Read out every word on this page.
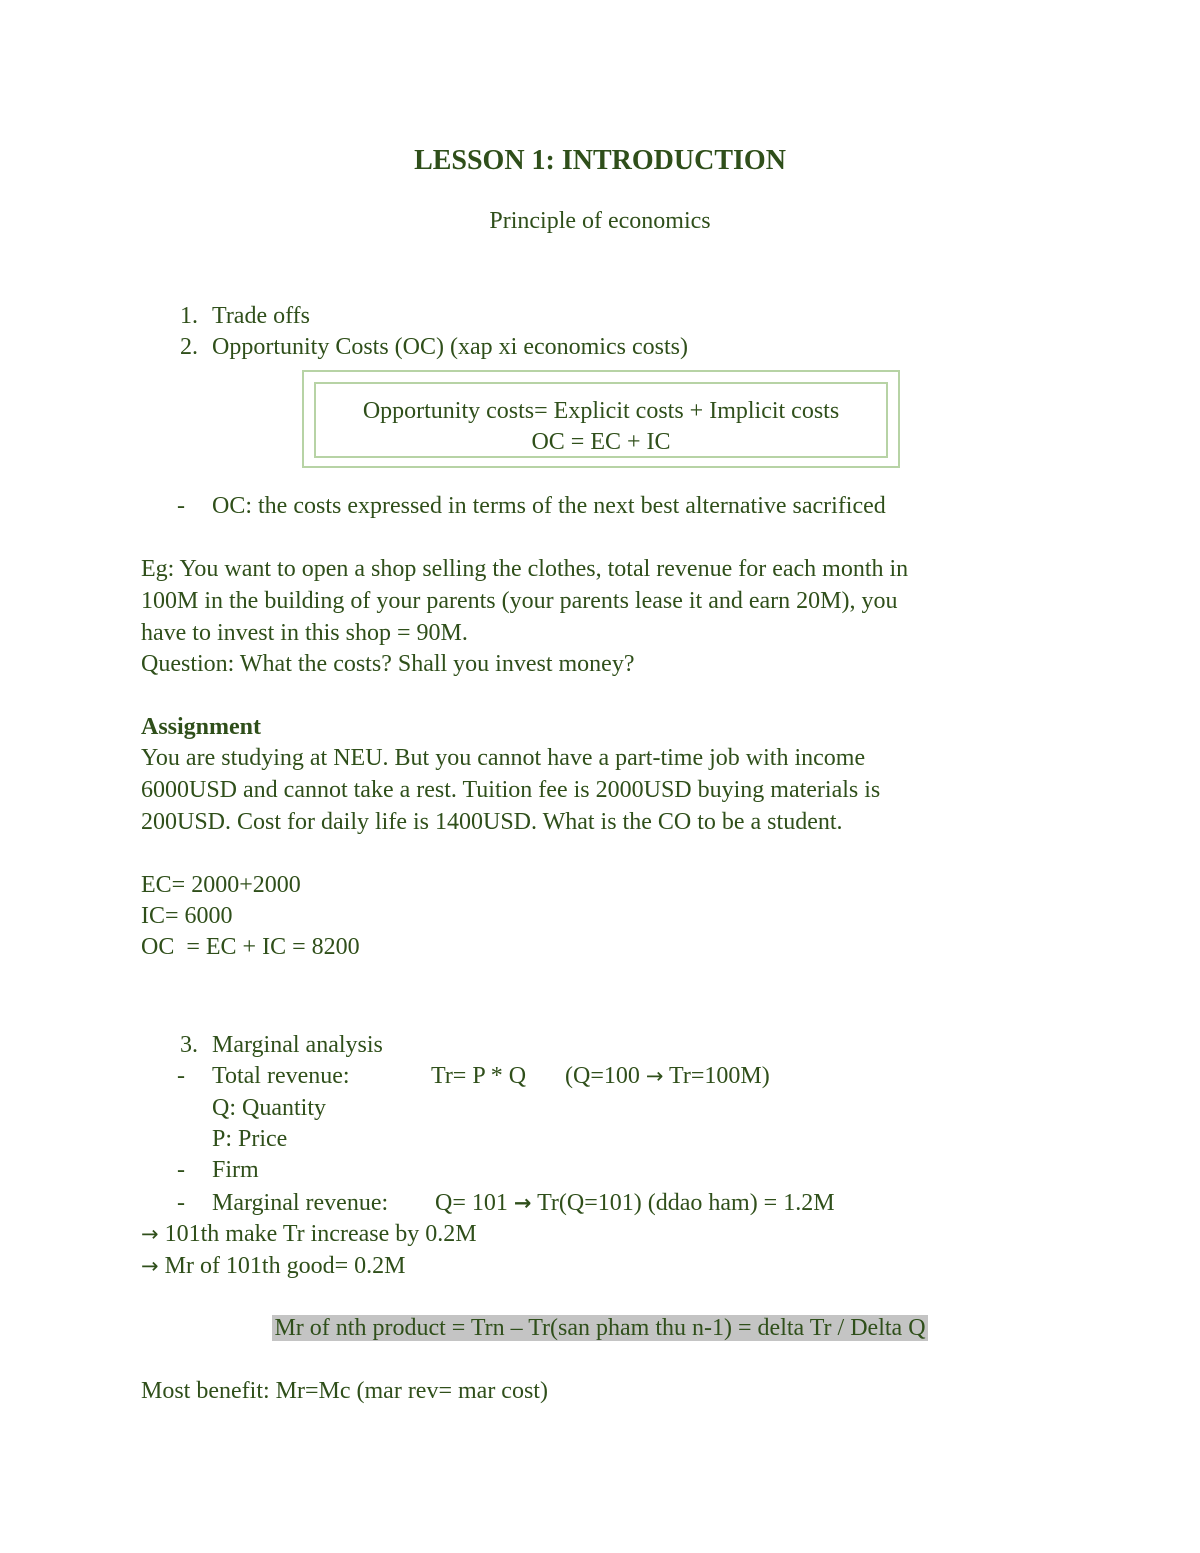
LESSON 1: INTRODUCTION
Principle of economics
1. Trade offs
2. Opportunity Costs (OC) (xap xi economics costs)
Opportunity costs= Explicit costs + Implicit costs
OC = EC + IC
-	OC: the costs expressed in terms of the next best alternative sacrificed
Eg: You want to open a shop selling the clothes, total revenue for each month in
100M in the building of your parents (your parents lease it and earn 20M), you
have to invest in this shop = 90M.
Question: What the costs? Shall you invest money?
Assignment
You are studying at NEU. But you cannot have a part-time job with income
6000USD and cannot take a rest. Tuition fee is 2000USD buying materials is
200USD. Cost for daily life is 1400USD. What is the CO to be a student.
EC= 2000+2000
IC= 6000
OC  = EC + IC = 8200
3. Marginal analysis
-	Total revenue:	Tr= P * Q (Q=100 → Tr=100M)
Q: Quantity
P: Price
-	Firm
-	Marginal revenue: Q= 101 → Tr(Q=101) (ddao ham) = 1.2M
→ 101th make Tr increase by 0.2M
→ Mr of 101th good= 0.2M
Mr of nth product = Trn – Tr(san pham thu n-1) = delta Tr / Delta Q
Most benefit: Mr=Mc (mar rev= mar cost)
